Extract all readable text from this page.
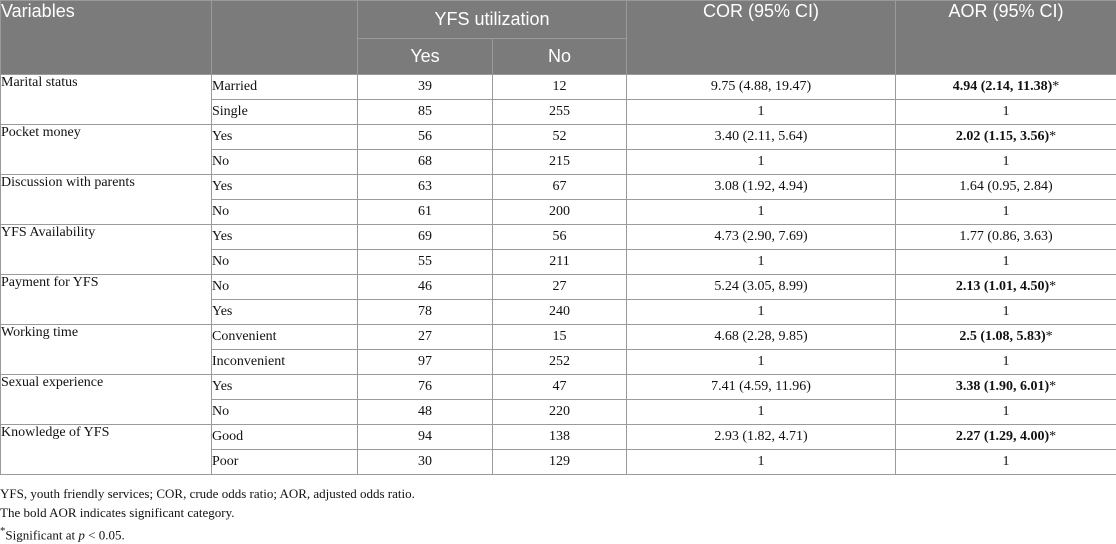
Variables		YFS utilization		COR (95% CI)	AOR (95% CI)
		Yes	No		
Marital status	Married	39	12	9.75 (4.88, 19.47)	4.94 (2.14, 11.38)*
	Single	85	255	1	1
Pocket money	Yes	56	52	3.40 (2.11, 5.64)	2.02 (1.15, 3.56)*
	No	68	215	1	1
Discussion with parents	Yes	63	67	3.08 (1.92, 4.94)	1.64 (0.95, 2.84)
	No	61	200	1	1
YFS Availability	Yes	69	56	4.73 (2.90, 7.69)	1.77 (0.86, 3.63)
	No	55	211	1	1
Payment for YFS	No	46	27	5.24 (3.05, 8.99)	2.13 (1.01, 4.50)*
	Yes	78	240	1	1
Working time	Convenient	27	15	4.68 (2.28, 9.85)	2.5 (1.08, 5.83)*
	Inconvenient	97	252	1	1
Sexual experience	Yes	76	47	7.41 (4.59, 11.96)	3.38 (1.90, 6.01)*
	No	48	220	1	1
Knowledge of YFS	Good	94	138	2.93 (1.82, 4.71)	2.27 (1.29, 4.00)*
	Poor	30	129	1	1

YFS, youth friendly services; COR, crude odds ratio; AOR, adjusted odds ratio.

The bold AOR indicates significant category.

*Significant at p < 0.05.
